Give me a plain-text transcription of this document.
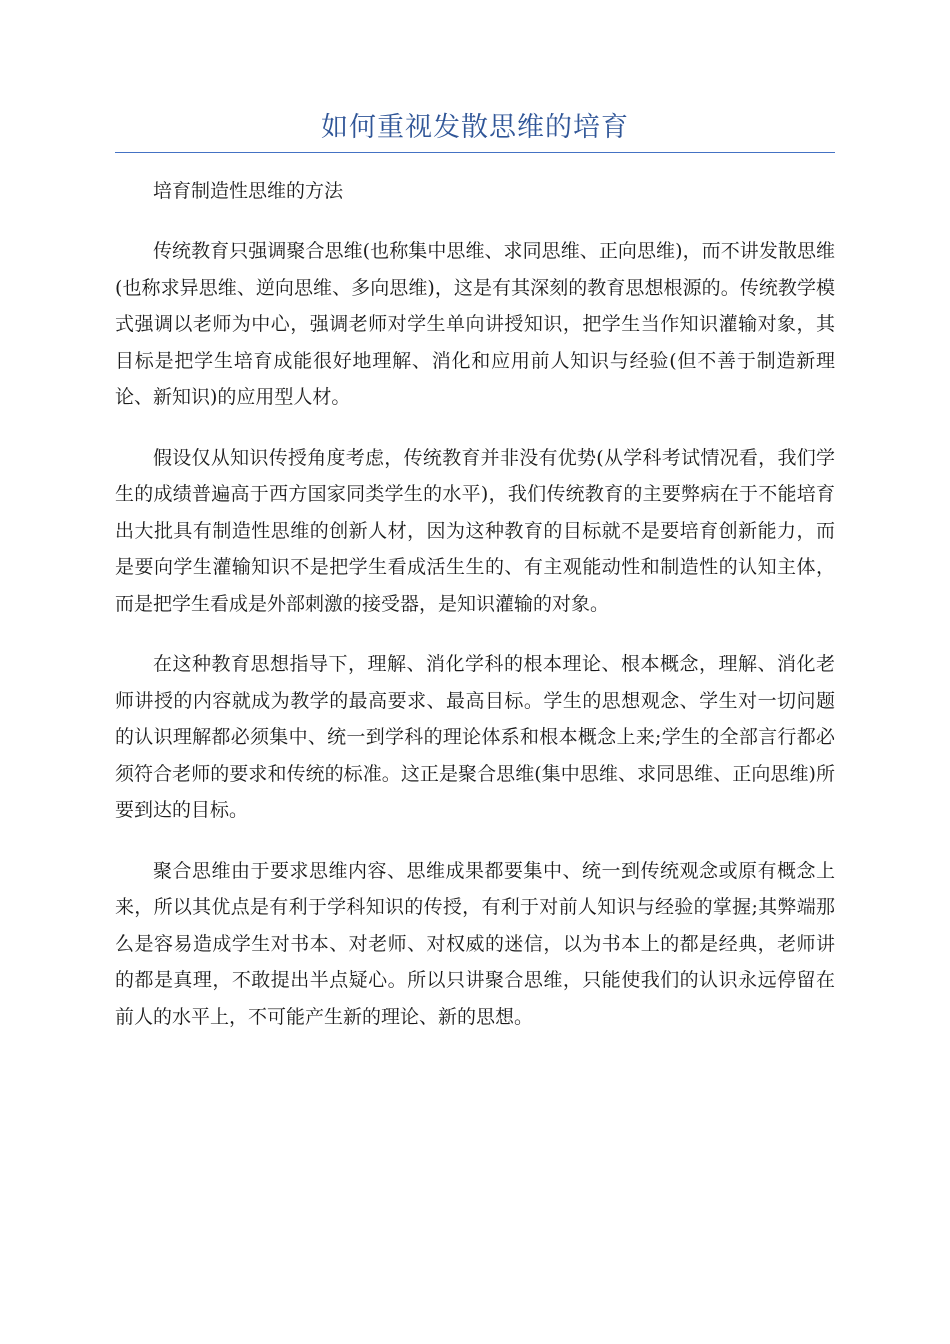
如何重视发散思维的培育

培育制造性思维的方法

传统教育只强调聚合思维(也称集中思维、求同思维、正向思维)，而不讲发散思维(也称求异思维、逆向思维、多向思维)，这是有其深刻的教育思想根源的。传统教学模式强调以老师为中心，强调老师对学生单向讲授知识，把学生当作知识灌输对象，其目标是把学生培育成能很好地理解、消化和应用前人知识与经验(但不善于制造新理论、新知识)的应用型人材。

假设仅从知识传授角度考虑，传统教育并非没有优势(从学科考试情况看，我们学生的成绩普遍高于西方国家同类学生的水平)，我们传统教育的主要弊病在于不能培育出大批具有制造性思维的创新人材，因为这种教育的目标就不是要培育创新能力，而是要向学生灌输知识不是把学生看成活生生的、有主观能动性和制造性的认知主体，而是把学生看成是外部刺激的接受器，是知识灌输的对象。

在这种教育思想指导下，理解、消化学科的根本理论、根本概念，理解、消化老师讲授的内容就成为教学的最高要求、最高目标。学生的思想观念、学生对一切问题的认识理解都必须集中、统一到学科的理论体系和根本概念上来;学生的全部言行都必须符合老师的要求和传统的标准。这正是聚合思维(集中思维、求同思维、正向思维)所要到达的目标。

聚合思维由于要求思维内容、思维成果都要集中、统一到传统观念或原有概念上来，所以其优点是有利于学科知识的传授，有利于对前人知识与经验的掌握;其弊端那么是容易造成学生对书本、对老师、对权威的迷信，以为书本上的都是经典，老师讲的都是真理，不敢提出半点疑心。所以只讲聚合思维，只能使我们的认识永远停留在前人的水平上，不可能产生新的理论、新的思想。
